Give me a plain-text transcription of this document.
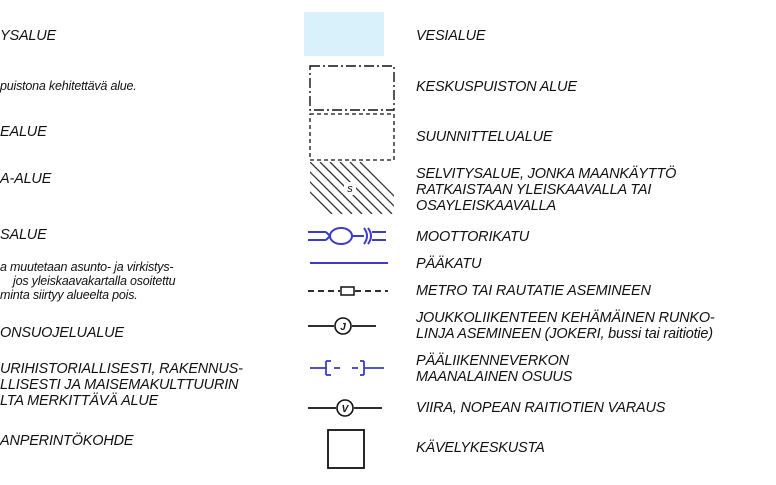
YSALUE
puistona kehitettävä alue.
EALUE
A-ALUE
SALUE
a muutetaan asunto- ja virkistys-
jos yleiskaavakartalla osoitettu
minta siirtyy alueelta pois.
ONSUOJELUALUE
URIHISTORIALLISESTI, RAKENNUS-
LLISESTI JA MAISEMAKULTTUURIN
LTA MERKITTÄVÄ ALUE
ANPERINTÖKOHDE
s
J
V
VESIALUE
KESKUSPUISTON ALUE
SUUNNITTELUALUE
SELVITYSALUE, JONKA MAANKÄYTTÖ
RATKAISTAAN YLEISKAAVALLA TAI
OSAYLEISKAAVALLA
MOOTTORIKATU
PÄÄKATU
METRO TAI RAUTATIE ASEMINEEN
JOUKKOLIIKENTEEN KEHÄMÄINEN RUNKO-
LINJA ASEMINEEN (JOKERI, bussi tai raitiotie)
PÄÄLIIKENNEVERKON
MAANALAINEN OSUUS
VIIRA, NOPEAN RAITIOTIEN VARAUS
KÄVELYKESKUSTA
